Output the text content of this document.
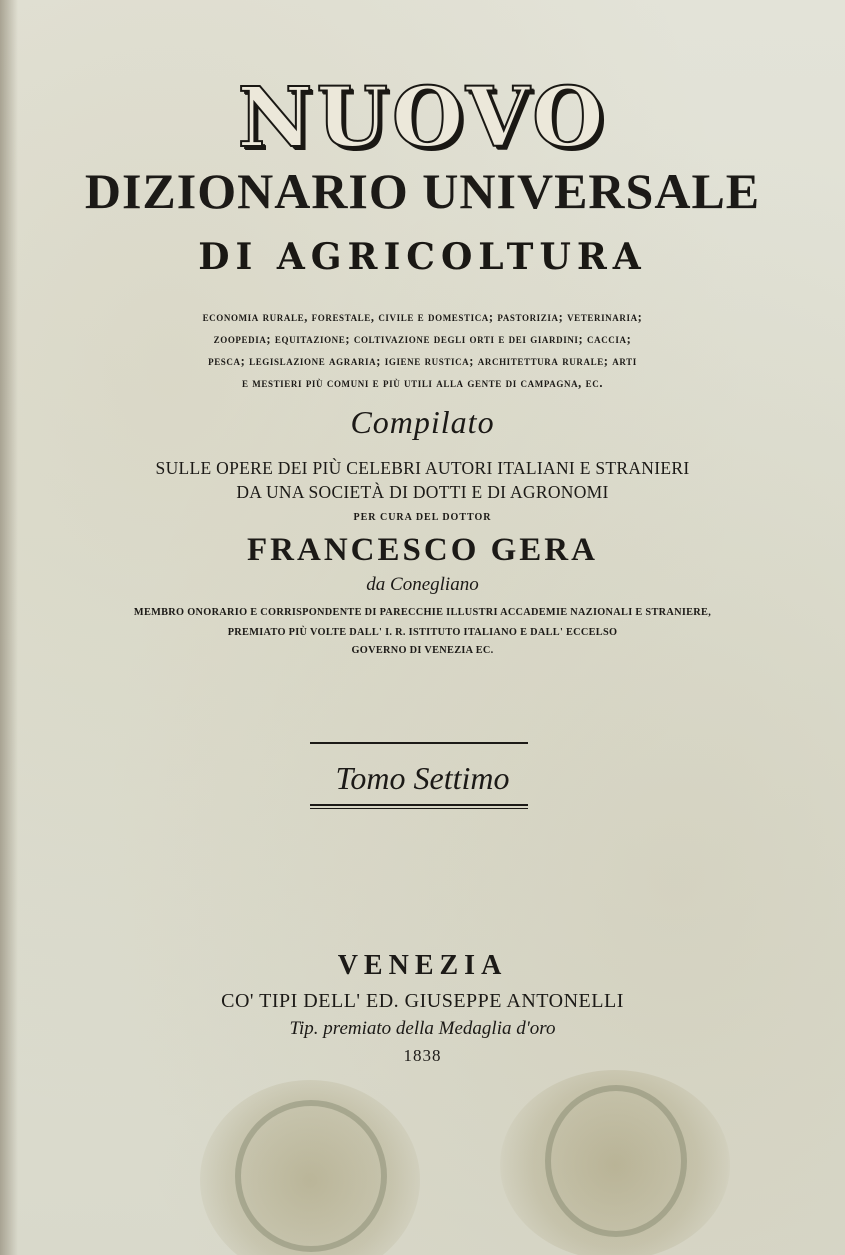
NUOVO
DIZIONARIO UNIVERSALE
DI AGRICOLTURA
economia rurale, forestale, civile e domestica; pastorizia; veterinaria;
zoopedia; equitazione; coltivazione degli orti e dei giardini; caccia;
pesca; legislazione agraria; igiene rustica; architettura rurale; arti
e mestieri più comuni e più utili alla gente di campagna, ec.
Compilato
SULLE OPERE DEI PIÙ CELEBRI AUTORI ITALIANI E STRANIERI
DA UNA SOCIETÀ DI DOTTI E DI AGRONOMI
PER CURA DEL DOTTOR
FRANCESCO GERA
da Conegliano
MEMBRO ONORARIO E CORRISPONDENTE DI PARECCHIE ILLUSTRI ACCADEMIE NAZIONALI E STRANIERE,
PREMIATO PIÙ VOLTE DALL' I. R. ISTITUTO ITALIANO E DALL' ECCELSO
GOVERNO DI VENEZIA EC.
Tomo Settimo
VENEZIA
CO' TIPI DELL' ED. GIUSEPPE ANTONELLI
Tip. premiato della Medaglia d'oro
1838
